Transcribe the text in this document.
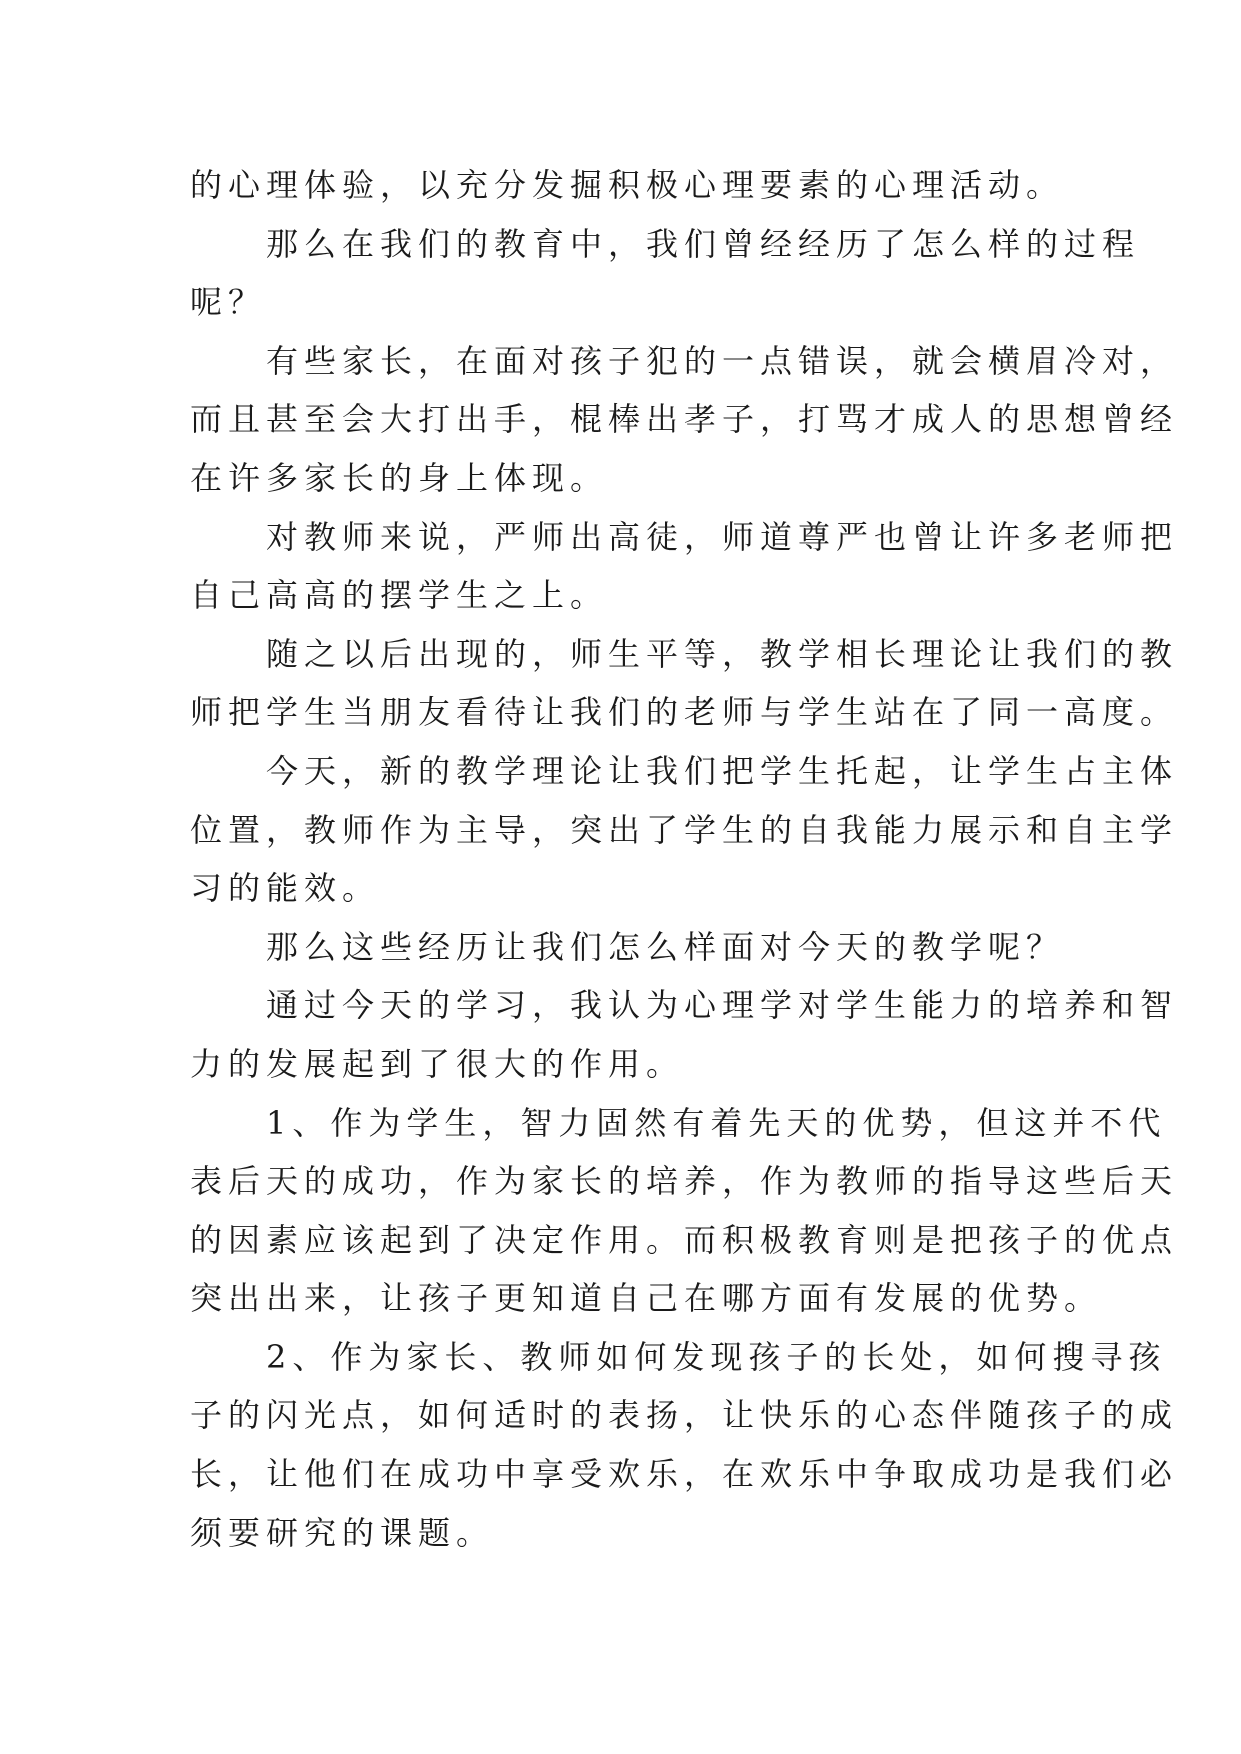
的心理体验，以充分发掘积极心理要素的心理活动。
　　那么在我们的教育中，我们曾经经历了怎么样的过程
呢？
　　有些家长，在面对孩子犯的一点错误，就会横眉冷对，
而且甚至会大打出手，棍棒出孝子，打骂才成人的思想曾经
在许多家长的身上体现。
　　对教师来说，严师出高徒，师道尊严也曾让许多老师把
自己高高的摆学生之上。
　　随之以后出现的，师生平等，教学相长理论让我们的教
师把学生当朋友看待让我们的老师与学生站在了同一高度。
　　今天，新的教学理论让我们把学生托起，让学生占主体
位置，教师作为主导，突出了学生的自我能力展示和自主学
习的能效。
　　那么这些经历让我们怎么样面对今天的教学呢？
　　通过今天的学习，我认为心理学对学生能力的培养和智
力的发展起到了很大的作用。
　　1、作为学生，智力固然有着先天的优势，但这并不代
表后天的成功，作为家长的培养，作为教师的指导这些后天
的因素应该起到了决定作用。而积极教育则是把孩子的优点
突出出来，让孩子更知道自己在哪方面有发展的优势。
　　2、作为家长、教师如何发现孩子的长处，如何搜寻孩
子的闪光点，如何适时的表扬，让快乐的心态伴随孩子的成
长，让他们在成功中享受欢乐，在欢乐中争取成功是我们必
须要研究的课题。
